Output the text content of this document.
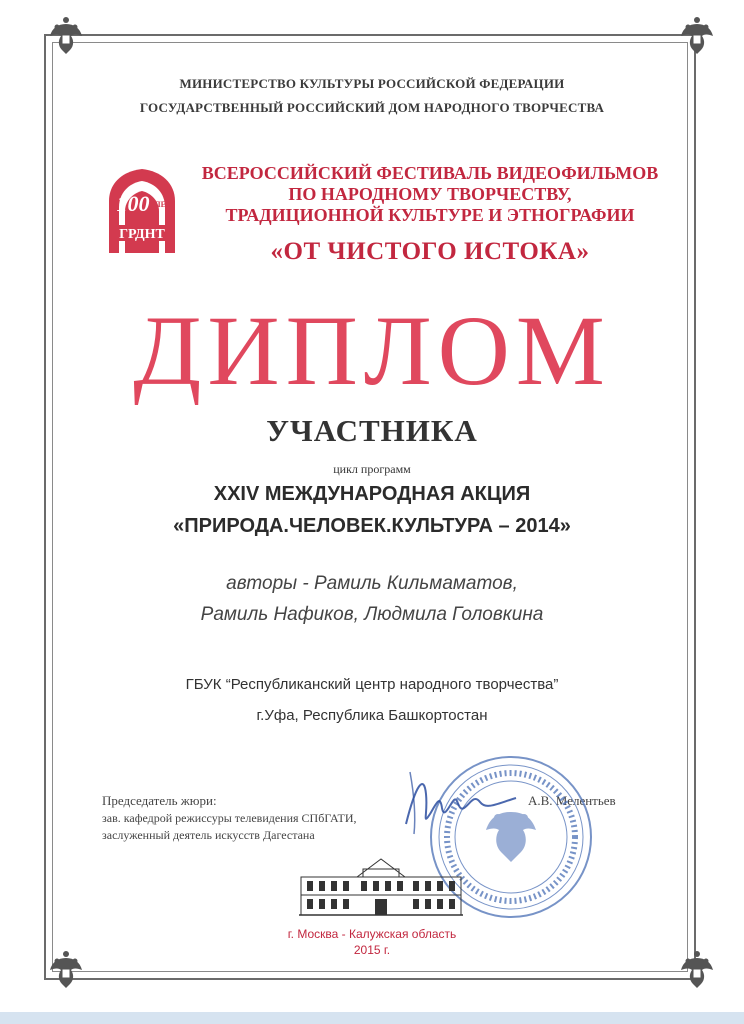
МИНИСТЕРСТВО КУЛЬТУРЫ РОССИЙСКОЙ ФЕДЕРАЦИИ
ГОСУДАРСТВЕННЫЙ РОССИЙСКИЙ ДОМ НАРОДНОГО ТВОРЧЕСТВА
100 ЛЕТ
ГРДНТ
ВСЕРОССИЙСКИЙ ФЕСТИВАЛЬ ВИДЕОФИЛЬМОВ
ПО НАРОДНОМУ ТВОРЧЕСТВУ,
ТРАДИЦИОННОЙ КУЛЬТУРЕ И ЭТНОГРАФИИ
«ОТ ЧИСТОГО ИСТОКА»
ДИПЛОМ
УЧАСТНИКА
цикл программ
XXIV МЕЖДУНАРОДНАЯ АКЦИЯ
«ПРИРОДА.ЧЕЛОВЕК.КУЛЬТУРА – 2014»
авторы - Рамиль Кильмаматов,
Рамиль Нафиков, Людмила Головкина
ГБУК “Республиканский центр народного творчества”
г.Уфа, Республика Башкортостан
Председатель жюри:
зав. кафедрой режиссуры телевидения СПбГАТИ,
заслуженный деятель искусств Дагестана
А.В. Мелентьев
г. Москва - Калужская область
2015 г.
